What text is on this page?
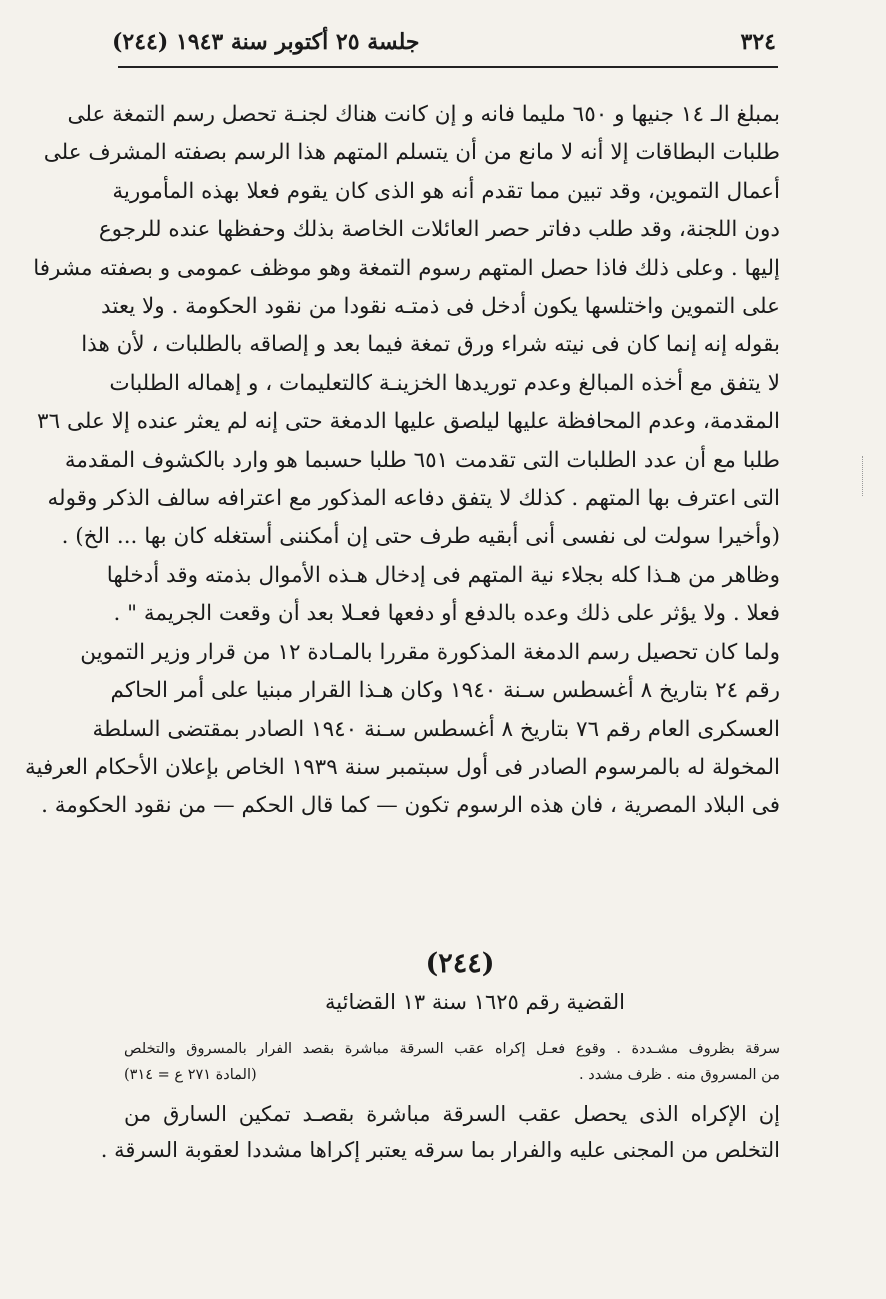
٣٢٤
جلسة ٢٥ أكتوبر سنة ١٩٤٣ (٢٤٤)
بمبلغ الـ ١٤ جنيها و ٦٥٠ مليما فانه و إن كانت هناك لجنـة تحصل رسم التمغة على
طلبات البطاقات إلا أنه لا مانع من أن يتسلم المتهم هذا الرسم بصفته المشرف على
أعمال التموين، وقد تبين مما تقدم أنه هو الذى كان يقوم فعلا بهذه المأمورية
دون اللجنة، وقد طلب دفاتر حصر العائلات الخاصة بذلك وحفظها عنده للرجوع
إليها . وعلى ذلك فاذا حصل المتهم رسوم التمغة وهو موظف عمومى و بصفته مشرفا
على التموين واختلسها يكون أدخل فى ذمتـه نقودا من نقود الحكومة . ولا يعتد
بقوله إنه إنما كان فى نيته شراء ورق تمغة فيما بعد و إلصاقه بالطلبات ، لأن هذا
لا يتفق مع أخذه المبالغ وعدم توريدها الخزينـة كالتعليمات ، و إهماله الطلبات
المقدمة، وعدم المحافظة عليها ليلصق عليها الدمغة حتى إنه لم يعثر عنده إلا على ٣٦
طلبا مع أن عدد الطلبات التى تقدمت ٦٥١ طلبا حسبما هو وارد بالكشوف المقدمة
التى اعترف بها المتهم . كذلك لا يتفق دفاعه المذكور مع اعترافه سالف الذكر وقوله
(وأخيرا سولت لى نفسى أنى أبقيه طرف حتى إن أمكننى أستغله كان بها ... الخ) .
وظاهر من هـذا كله بجلاء نية المتهم فى إدخال هـذه الأموال بذمته وقد أدخلها
فعلا . ولا يؤثر على ذلك وعده بالدفع أو دفعها فعـلا بعد أن وقعت الجريمة " .
ولما كان تحصيل رسم الدمغة المذكورة مقررا بالمـادة ١٢ من قرار وزير التموين
رقم ٢٤ بتاريخ ٨ أغسطس سـنة ١٩٤٠ وكان هـذا القرار مبنيا على أمر الحاكم
العسكرى العام رقم ٧٦ بتاريخ ٨ أغسطس سـنة ١٩٤٠ الصادر بمقتضى السلطة
المخولة له بالمرسوم الصادر فى أول سبتمبر سنة ١٩٣٩ الخاص بإعلان الأحكام العرفية
فى البلاد المصرية ، فان هذه الرسوم تكون — كما قال الحكم — من نقود الحكومة .
(٢٤٤)
القضية رقم ١٦٢٥ سنة ١٣ القضائية
سرقة بظروف مشـددة . وقوع فعـل إكراه عقب السرقة مباشرة بقصد الفرار بالمسروق والتخلص
من المسروق منه . ظرف مشدد .
(المادة ٢٧١ ع = ٣١٤)
إن الإكراه الذى يحصل عقب السرقة مباشرة بقصـد تمكين السارق من
التخلص من المجنى عليه والفرار بما سرقه يعتبر إكراها مشددا لعقوبة السرقة .
